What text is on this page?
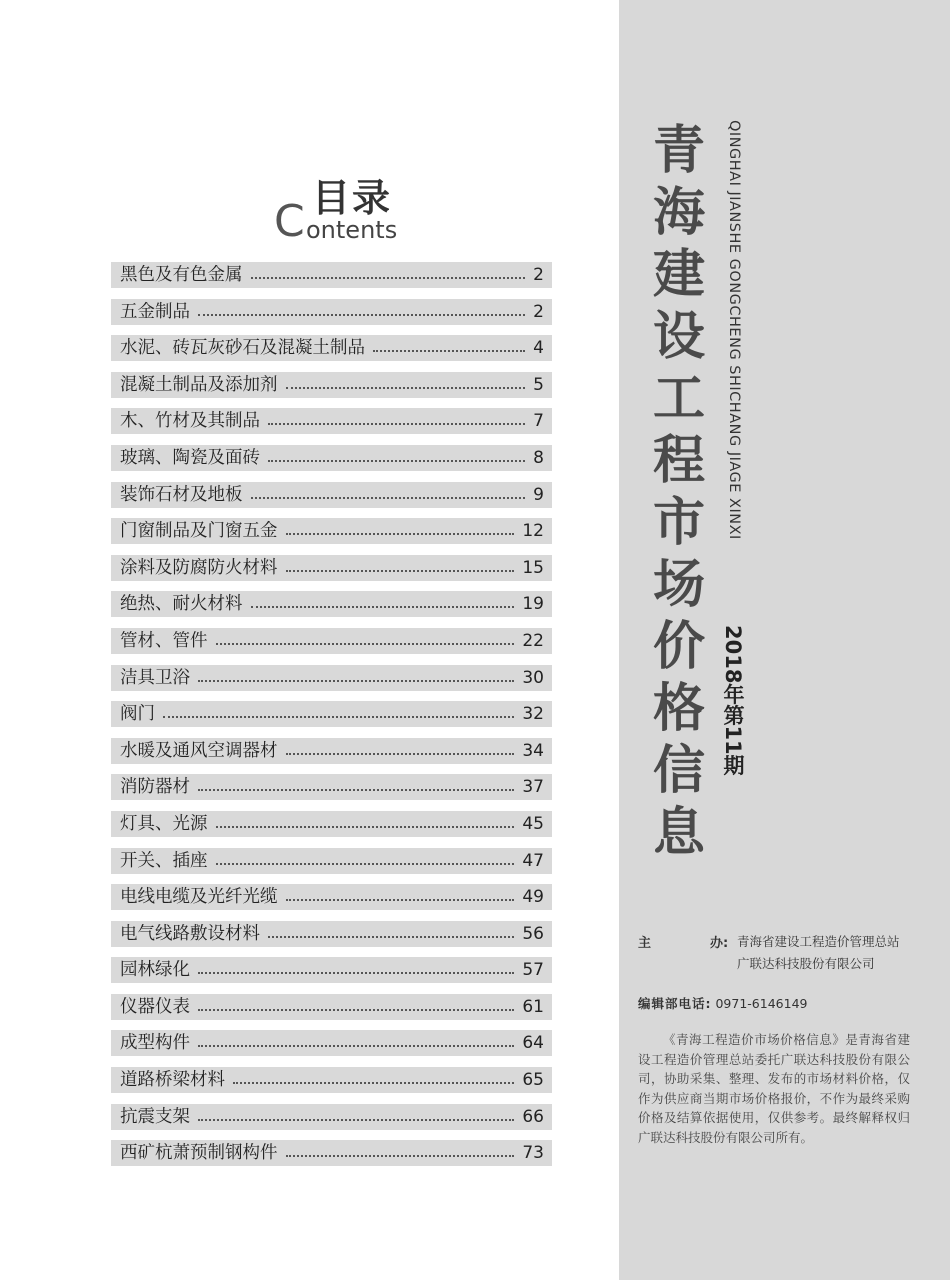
目录
C ontents
黑色及有色金属	2
五金制品	2
水泥、砖瓦灰砂石及混凝土制品	4
混凝土制品及添加剂	5
木、竹材及其制品	7
玻璃、陶瓷及面砖	8
装饰石材及地板	9
门窗制品及门窗五金	12
涂料及防腐防火材料	15
绝热、耐火材料	19
管材、管件	22
洁具卫浴	30
阀门	32
水暖及通风空调器材	34
消防器材	37
灯具、光源	45
开关、插座	47
电线电缆及光纤光缆	49
电气线路敷设材料	56
园林绿化	57
仪器仪表	61
成型构件	64
道路桥梁材料	65
抗震支架	66
西矿杭萧预制钢构件	73
青
海
建
设
工
程
市
场
价
格
信
息
QINGHAI JIANSHE GONGCHENG SHICHANG JIAGE XINXI
2018年第11期
主	办: 青海省建设工程造价管理总站
广联达科技股份有限公司
编辑部电话: 0971-6146149
《青海工程造价市场价格信息》是青海省建设工程造价管理总站委托广联达科技股份有限公司，协助采集、整理、发布的市场材料价格，仅作为供应商当期市场价格报价，不作为最终采购价格及结算依据使用，仅供参考。最终解释权归广联达科技股份有限公司所有。
